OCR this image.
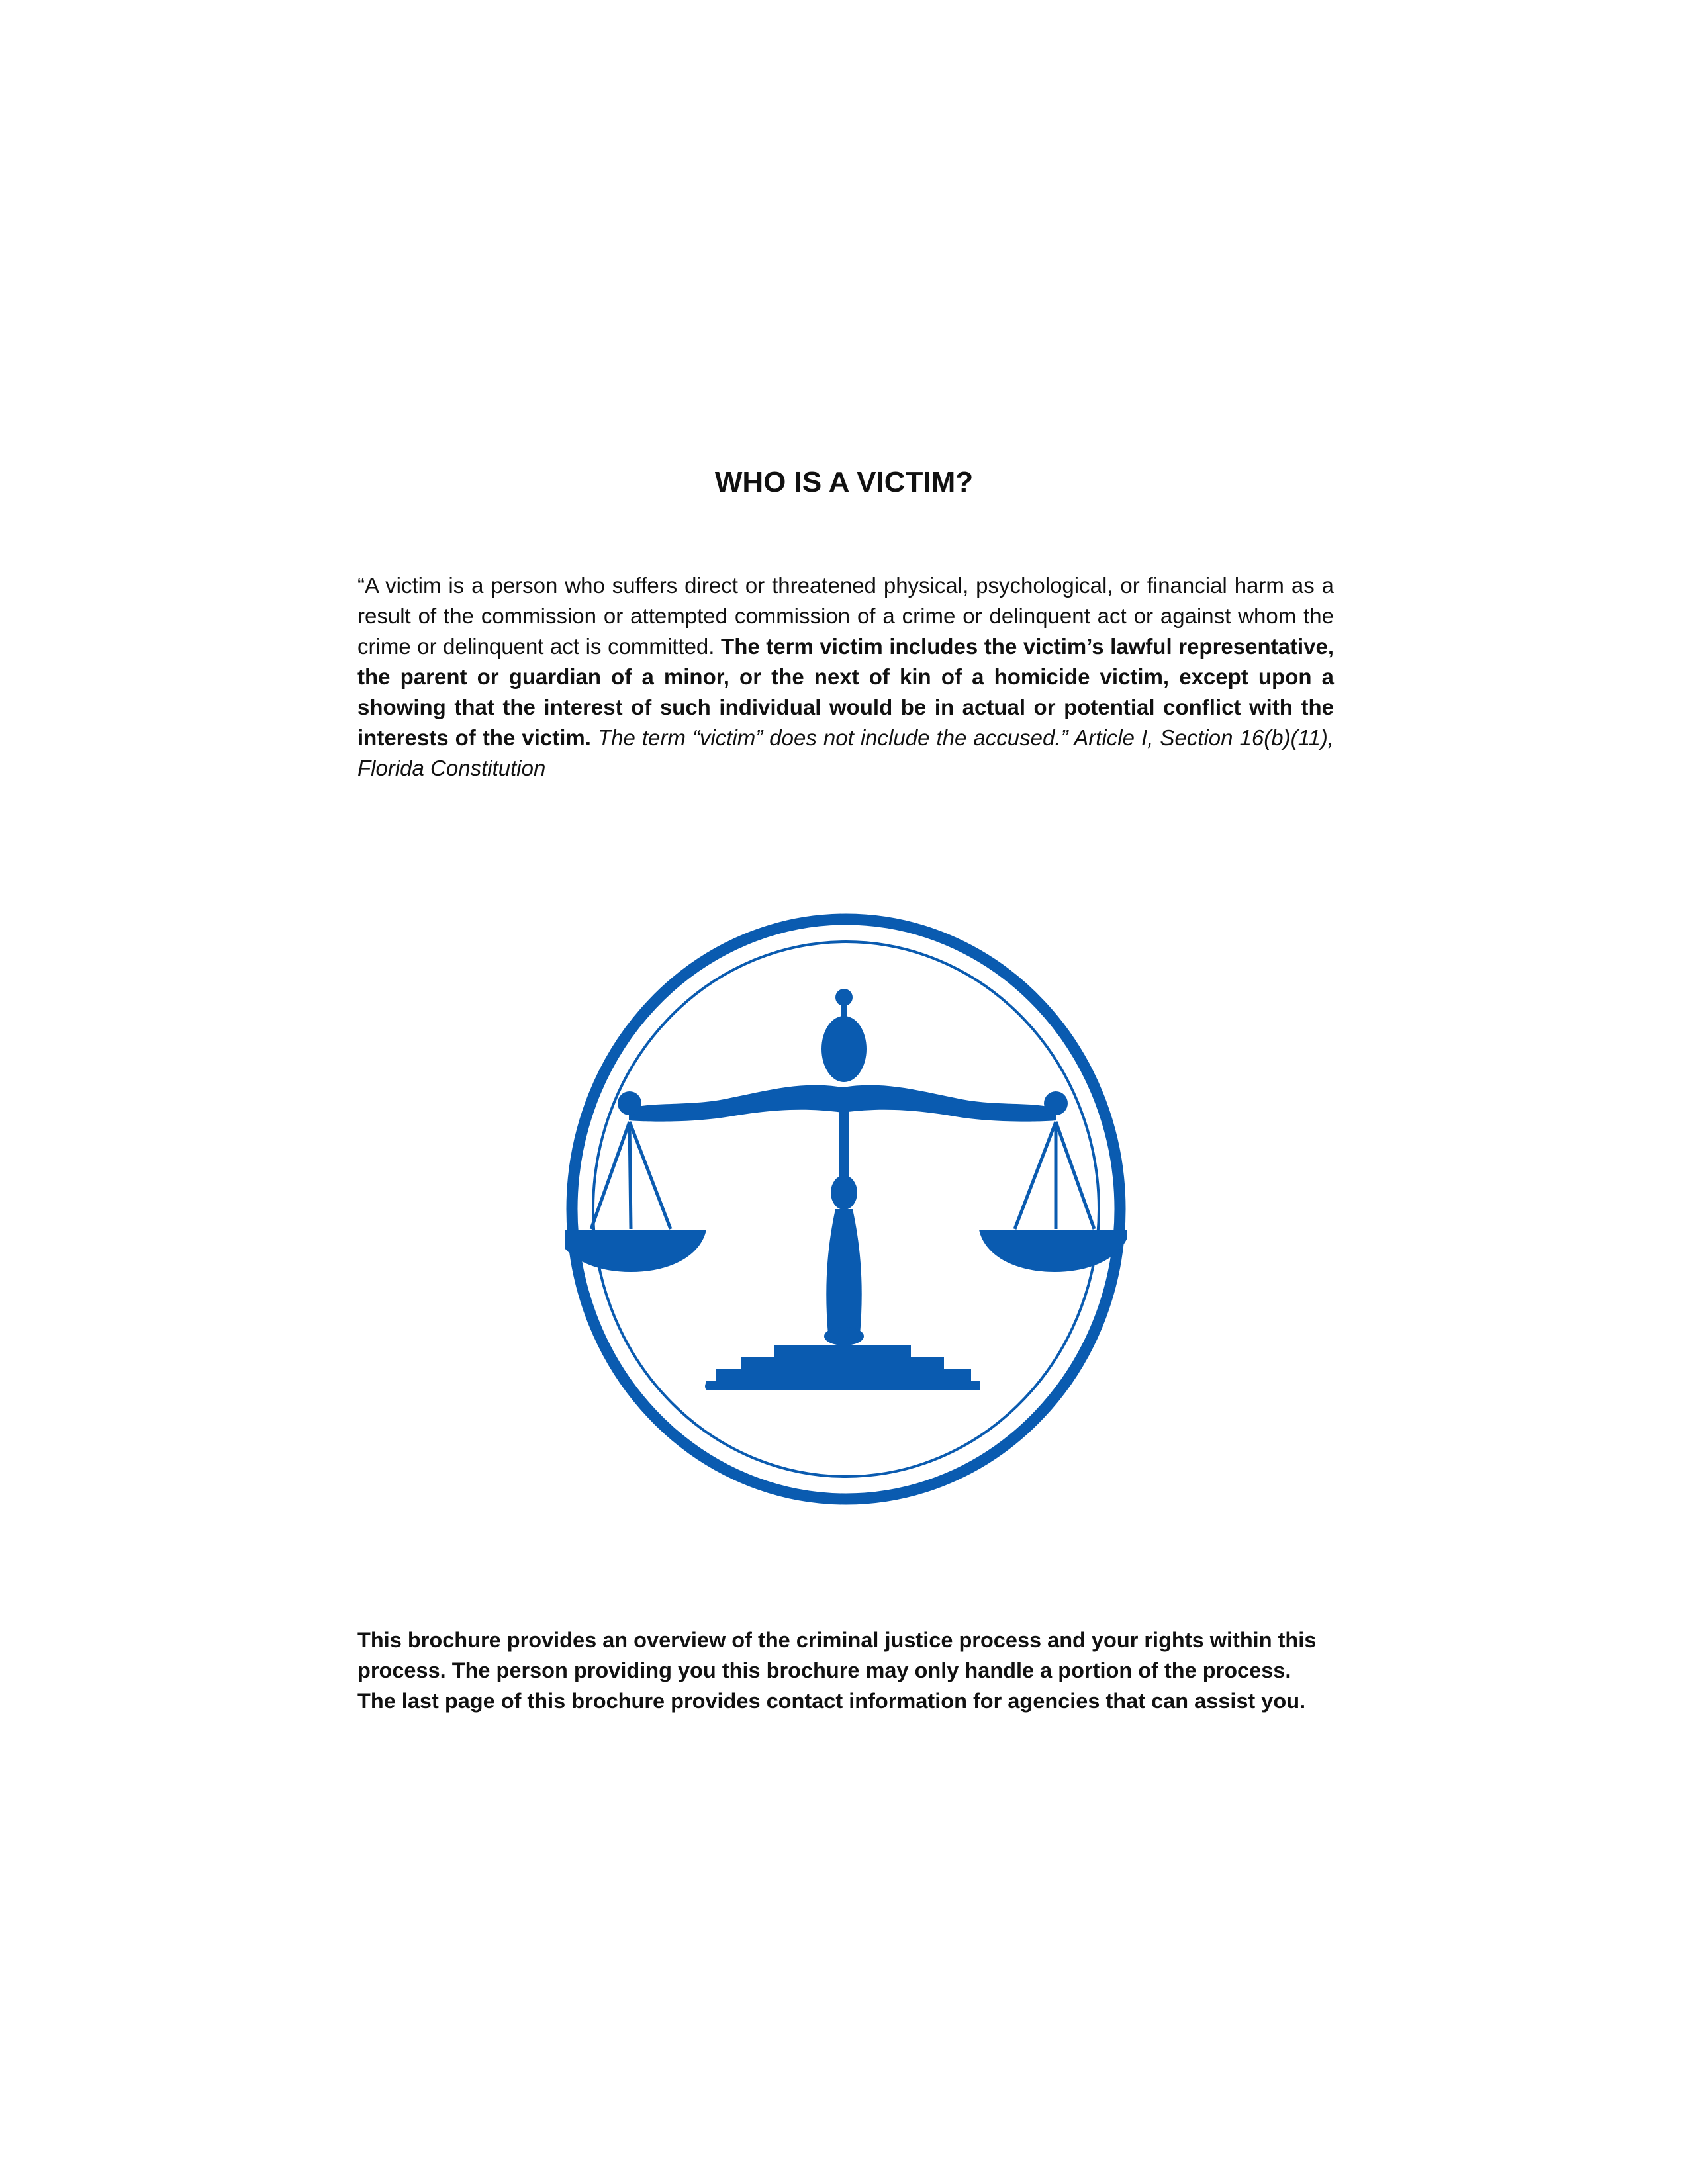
WHO IS A VICTIM?

“A victim is a person who suffers direct or threatened physical, psychological, or financial harm as a result of the commission or attempted commission of a crime or delinquent act or against whom the crime or delinquent act is committed. The term victim includes the victim’s lawful representative, the parent or guardian of a minor, or the next of kin of a homicide victim, except upon a showing that the interest of such individual would be in actual or potential conflict with the interests of the victim. The term “victim” does not include the accused.” Article I, Section 16(b)(11), Florida Constitution

This brochure provides an overview of the criminal justice process and your rights within this
process. The person providing you this brochure may only handle a portion of the process.
The last page of this brochure provides contact information for agencies that can assist you.
